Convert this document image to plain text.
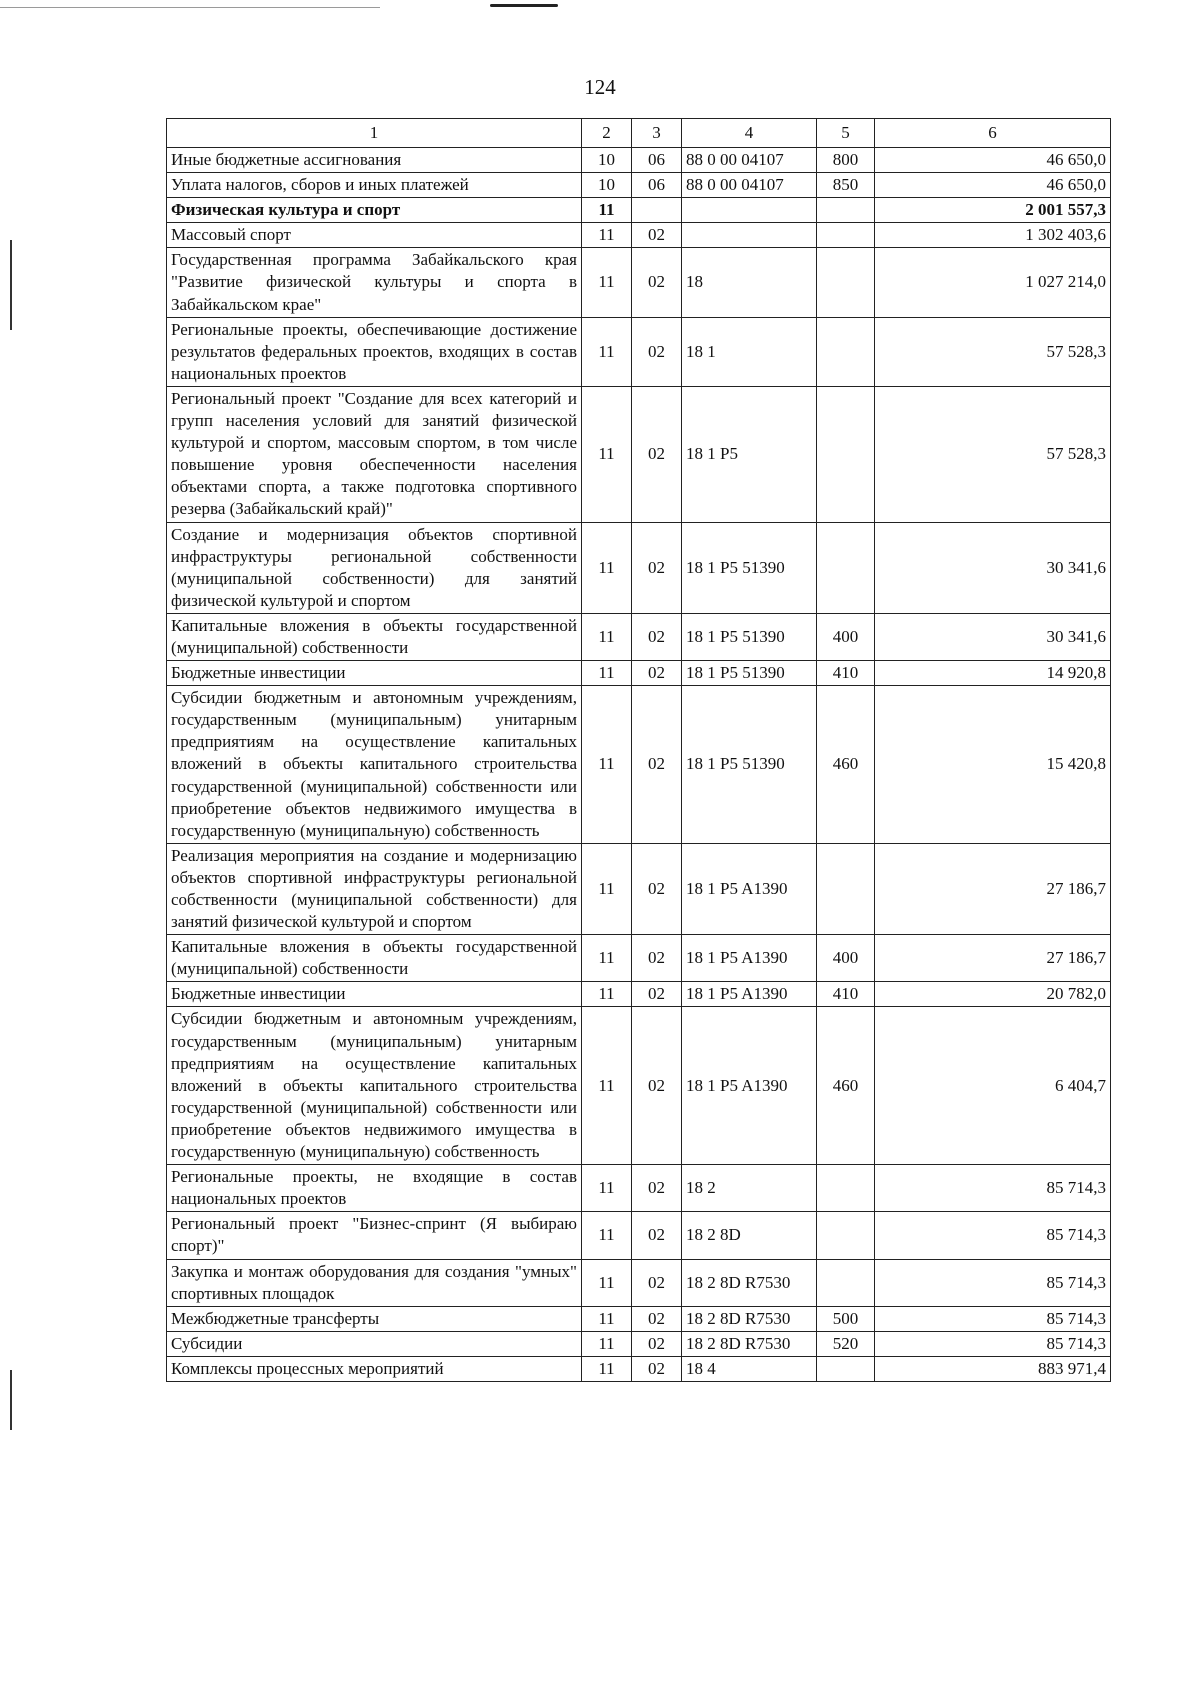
124
1	2	3	4	5	6
Иные бюджетные ассигнования	10	06	88 0 00 04107	800	46 650,0
Уплата налогов, сборов и иных платежей	10	06	88 0 00 04107	850	46 650,0
Физическая культура и спорт	11				2 001 557,3
Массовый спорт	11	02			1 302 403,6
Государственная программа Забайкальского края "Развитие физической культуры и спорта в Забайкальском крае"	11	02	18		1 027 214,0
Региональные проекты, обеспечивающие достижение результатов федеральных проектов, входящих в состав национальных проектов	11	02	18 1		57 528,3
Региональный проект "Создание для всех категорий и групп населения условий для занятий физической культурой и спортом, массовым спортом, в том числе повышение уровня обеспеченности населения объектами спорта, а также подготовка спортивного резерва (Забайкальский край)"	11	02	18 1 P5		57 528,3
Создание и модернизация объектов спортивной инфраструктуры региональной собственности (муниципальной собственности) для занятий физической культурой и спортом	11	02	18 1 P5 51390		30 341,6
Капитальные вложения в объекты государственной (муниципальной) собственности	11	02	18 1 P5 51390	400	30 341,6
Бюджетные инвестиции	11	02	18 1 P5 51390	410	14 920,8
Субсидии бюджетным и автономным учреждениям, государственным (муниципальным) унитарным предприятиям на осуществление капитальных вложений в объекты капитального строительства государственной (муниципальной) собственности или приобретение объектов недвижимого имущества в государственную (муниципальную) собственность	11	02	18 1 P5 51390	460	15 420,8
Реализация мероприятия на создание и модернизацию объектов спортивной инфраструктуры региональной собственности (муниципальной собственности) для занятий физической культурой и спортом	11	02	18 1 P5 A1390		27 186,7
Капитальные вложения в объекты государственной (муниципальной) собственности	11	02	18 1 P5 A1390	400	27 186,7
Бюджетные инвестиции	11	02	18 1 P5 A1390	410	20 782,0
Субсидии бюджетным и автономным учреждениям, государственным (муниципальным) унитарным предприятиям на осуществление капитальных вложений в объекты капитального строительства государственной (муниципальной) собственности или приобретение объектов недвижимого имущества в государственную (муниципальную) собственность	11	02	18 1 P5 A1390	460	6 404,7
Региональные проекты, не входящие в состав национальных проектов	11	02	18 2		85 714,3
Региональный проект "Бизнес-спринт (Я выбираю спорт)"	11	02	18 2 8D		85 714,3
Закупка и монтаж оборудования для создания "умных" спортивных площадок	11	02	18 2 8D R7530		85 714,3
Межбюджетные трансферты	11	02	18 2 8D R7530	500	85 714,3
Субсидии	11	02	18 2 8D R7530	520	85 714,3
Комплексы процессных мероприятий	11	02	18 4		883 971,4
